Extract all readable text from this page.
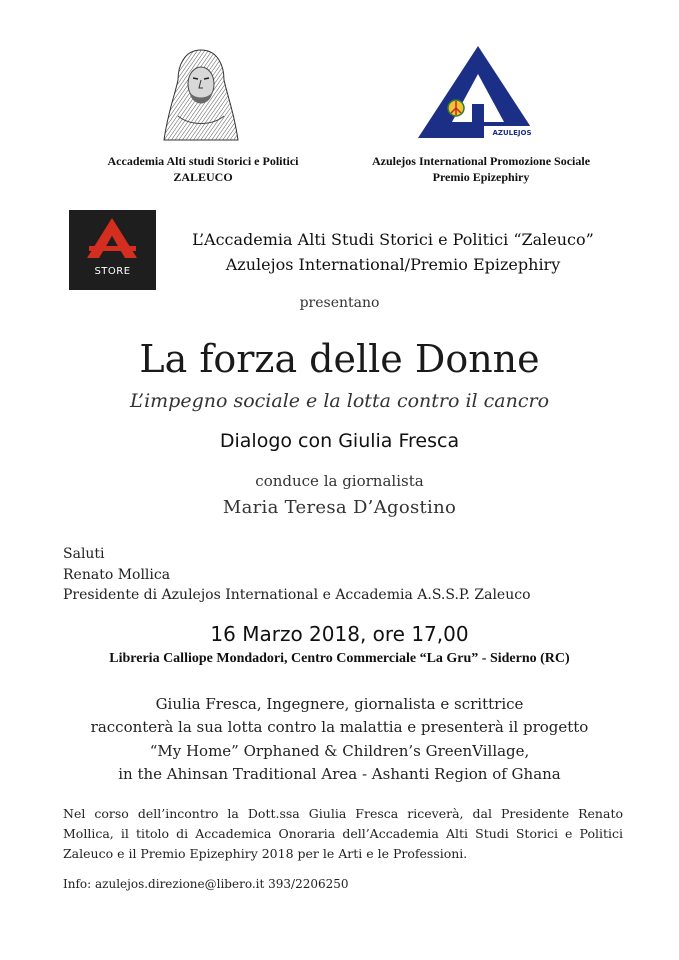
AZULEJOS
Accademia Alti studi Storici e Politici
ZALEUCO
Azulejos International Promozione Sociale
Premio Epizephiry
STORE
L’Accademia Alti Studi Storici e Politici “Zaleuco”
Azulejos International/Premio Epizephiry
presentano
La forza delle Donne
L’impegno sociale e la lotta contro il cancro
Dialogo con Giulia Fresca
conduce la giornalista
Maria Teresa D’Agostino
Saluti
Renato Mollica
Presidente di Azulejos International e Accademia A.S.S.P. Zaleuco
16 Marzo 2018, ore 17,00
Libreria Calliope Mondadori, Centro Commerciale “La Gru” - Siderno (RC)
Giulia Fresca, Ingegnere, giornalista e scrittrice
racconterà la sua lotta contro la malattia e presenterà il progetto
“My Home” Orphaned & Children’s GreenVillage,
in the Ahinsan Traditional Area - Ashanti Region of Ghana
Nel corso dell’incontro la Dott.ssa Giulia Fresca riceverà, dal Presidente Renato Mollica, il titolo di Accademica Onoraria dell’Accademia Alti Studi Storici e Politici Zaleuco e il Premio Epizephiry 2018 per le Arti e le Professioni.
Info: azulejos.direzione@libero.it 393/2206250
